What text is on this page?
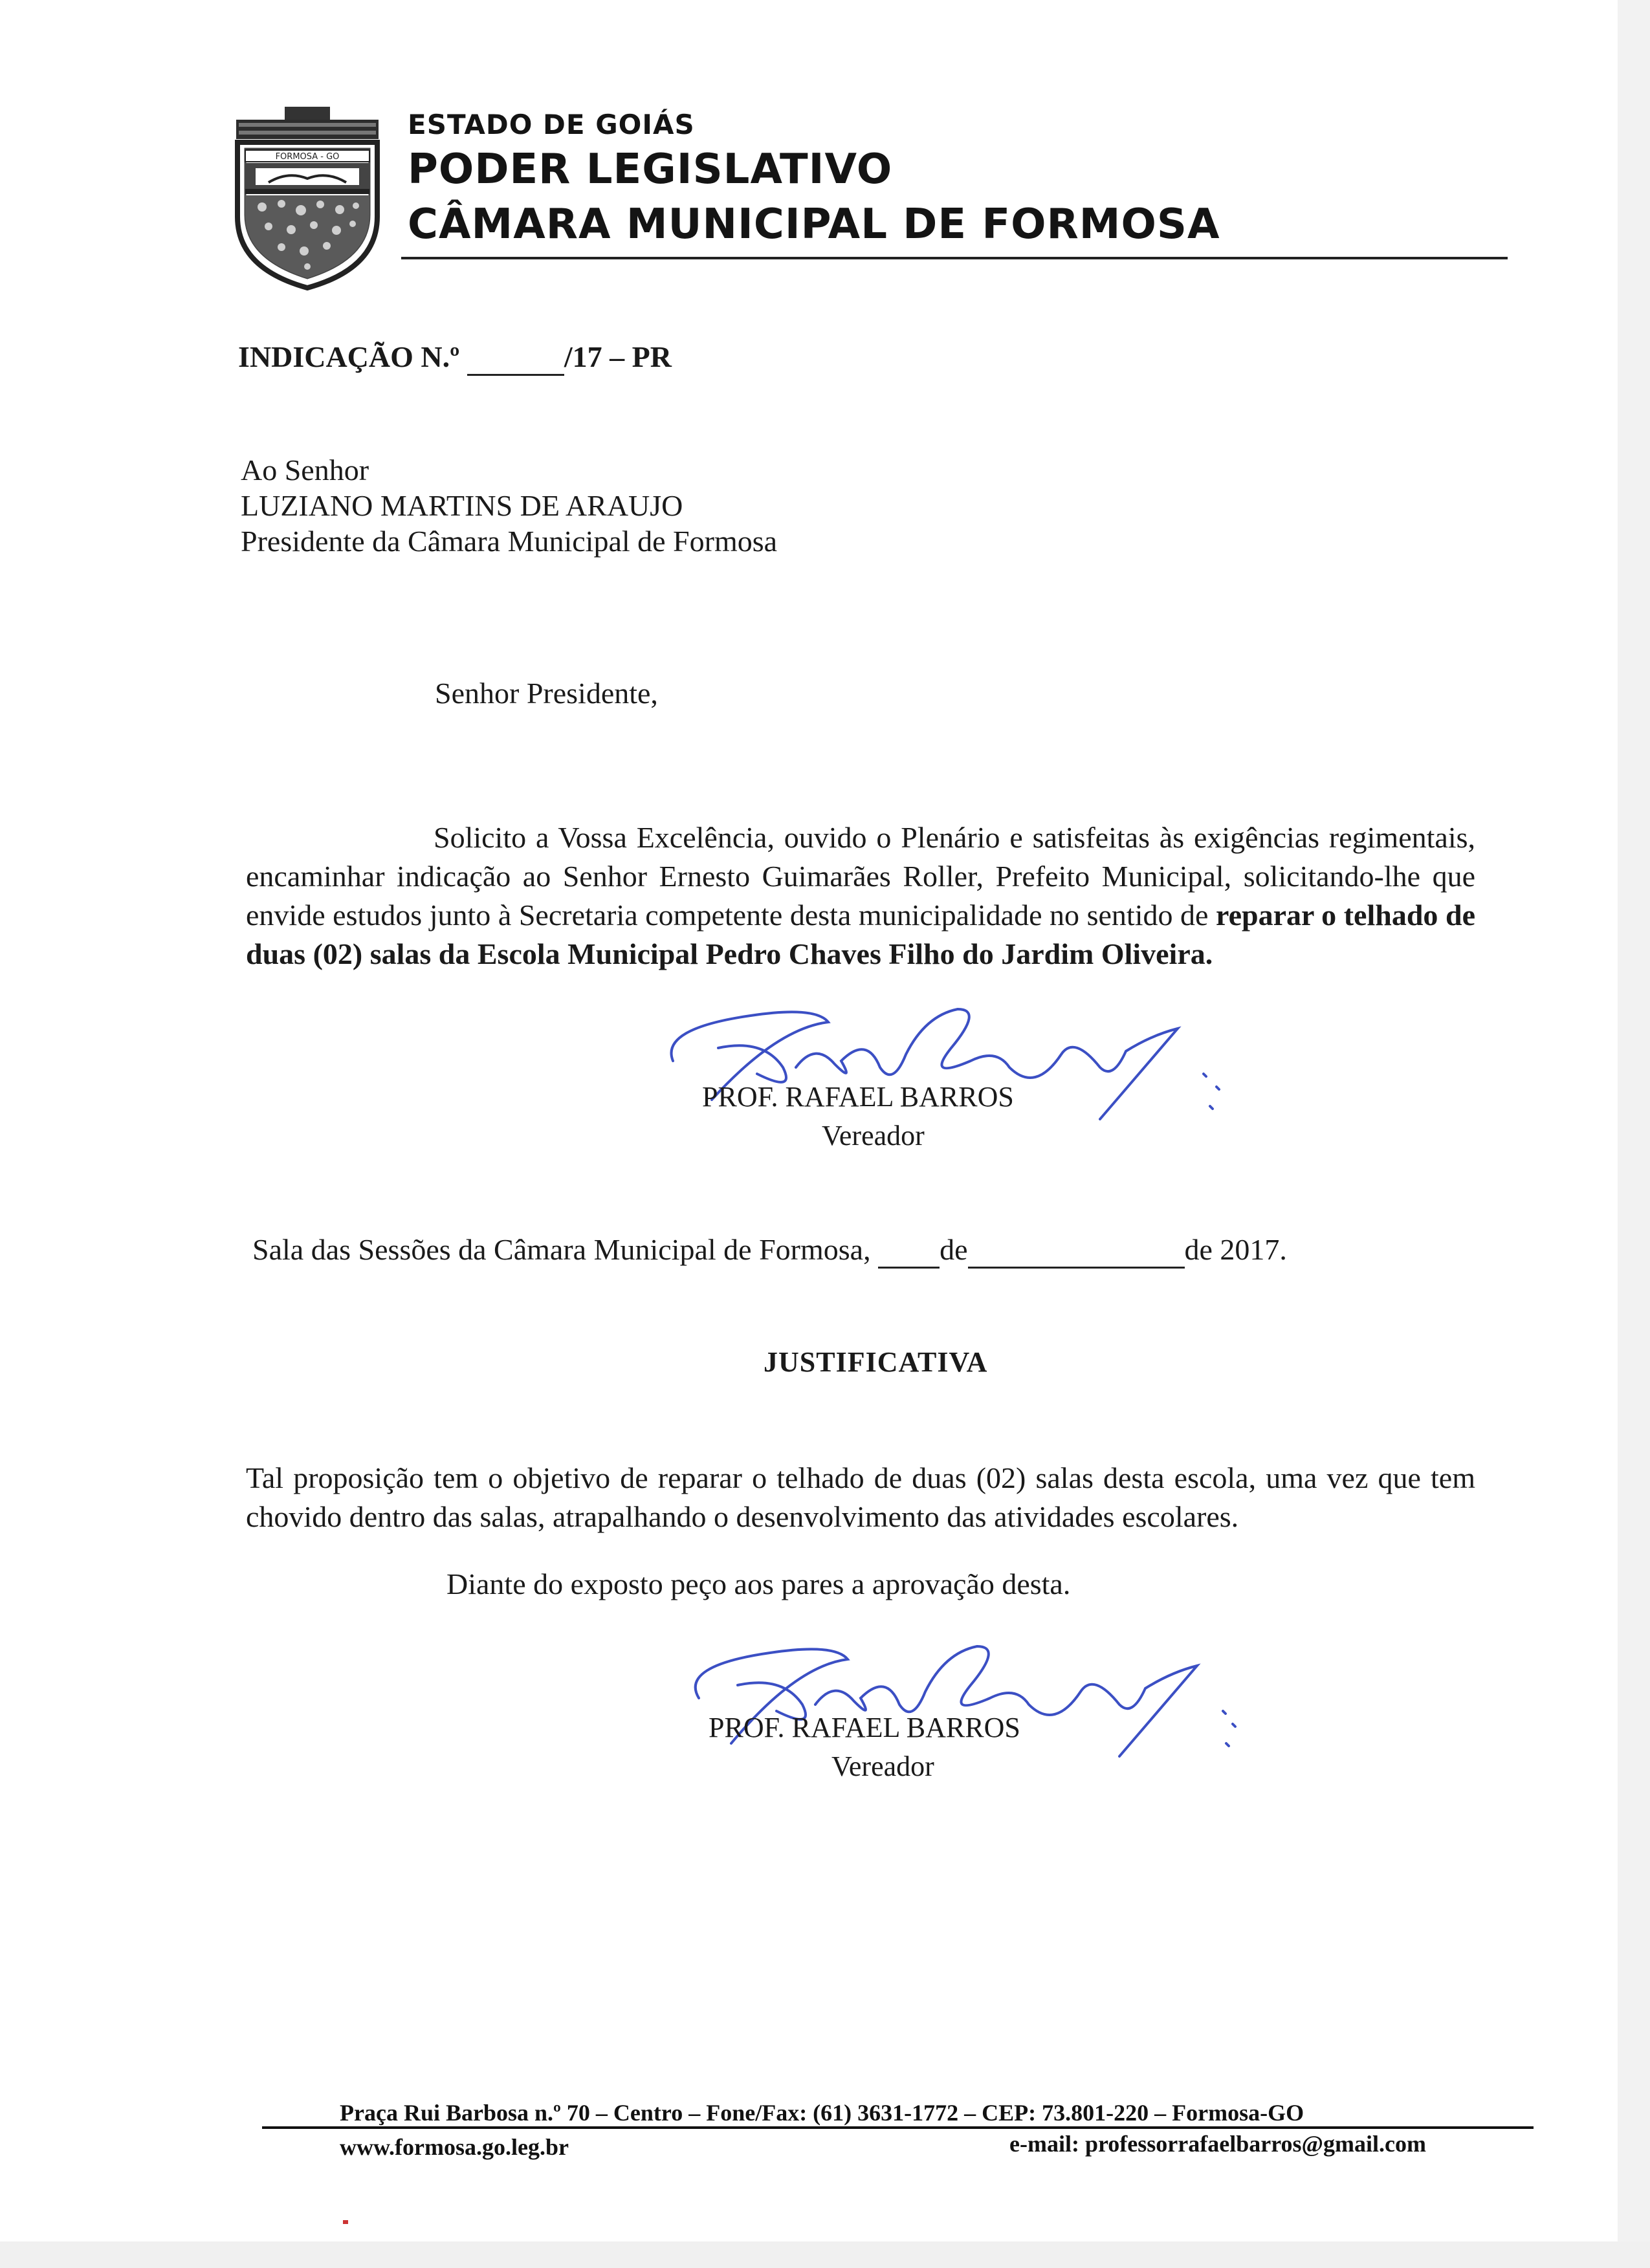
FORMOSA - GO
ESTADO DE GOIÁS
PODER LEGISLATIVO
CÂMARA MUNICIPAL DE FORMOSA
INDICAÇÃO N.º	/17 – PR
Ao Senhor
LUZIANO MARTINS DE ARAUJO
Presidente da Câmara Municipal de Formosa
Senhor Presidente,

Solicito a Vossa Excelência, ouvido o Plenário e satisfeitas às exigências regimentais, encaminhar indicação ao Senhor Ernesto Guimarães Roller, Prefeito Municipal, solicitando-lhe que envide estudos junto à Secretaria competente desta municipalidade no sentido de reparar o telhado de duas (02) salas da Escola Municipal Pedro Chaves Filho do Jardim Oliveira.

PROF. RAFAEL BARROS
Vereador
Sala das Sessões da Câmara Municipal de Formosa, de	de 2017.
JUSTIFICATIVA

Tal proposição tem o objetivo de reparar o telhado de duas (02) salas desta escola, uma vez que tem chovido dentro das salas, atrapalhando o desenvolvimento das atividades escolares.

Diante do exposto peço aos pares a aprovação desta.
PROF. RAFAEL BARROS
Vereador
Praça Rui Barbosa n.º 70 – Centro – Fone/Fax: (61) 3631-1772 – CEP: 73.801-220 – Formosa-GO
www.formosa.go.leg.br	e-mail: professorrafaelbarros@gmail.com
